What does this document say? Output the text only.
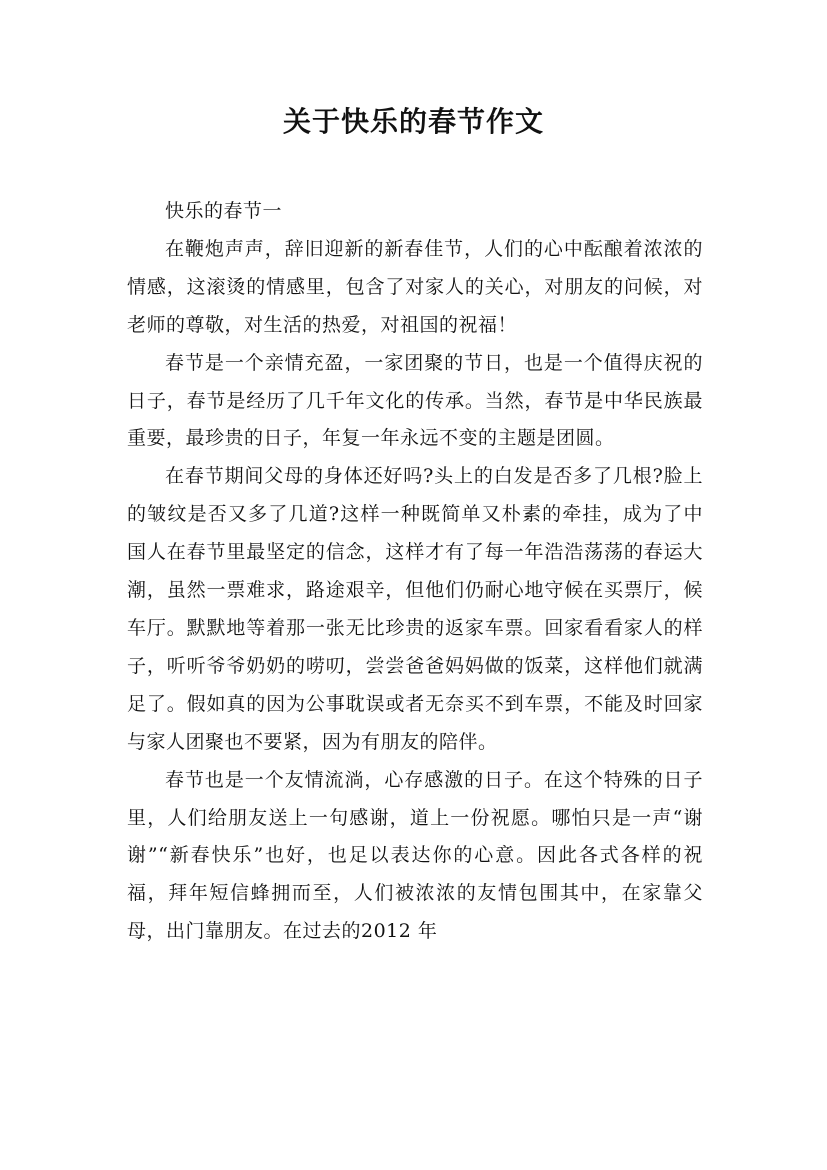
关于快乐的春节作文

快乐的春节一

在鞭炮声声，辞旧迎新的新春佳节，人们的心中酝酿着浓浓的情感，这滚烫的情感里，包含了对家人的关心，对朋友的问候，对老师的尊敬，对生活的热爱，对祖国的祝福！

春节是一个亲情充盈，一家团聚的节日，也是一个值得庆祝的日子，春节是经历了几千年文化的传承。当然，春节是中华民族最重要，最珍贵的日子，年复一年永远不变的主题是团圆。

在春节期间父母的身体还好吗?头上的白发是否多了几根?脸上的皱纹是否又多了几道?这样一种既简单又朴素的牵挂，成为了中国人在春节里最坚定的信念，这样才有了每一年浩浩荡荡的春运大潮，虽然一票难求，路途艰辛，但他们仍耐心地守候在买票厅，候车厅。默默地等着那一张无比珍贵的返家车票。回家看看家人的样子，听听爷爷奶奶的唠叨，尝尝爸爸妈妈做的饭菜，这样他们就满足了。假如真的因为公事耽误或者无奈买不到车票，不能及时回家与家人团聚也不要紧，因为有朋友的陪伴。

春节也是一个友情流淌，心存感激的日子。在这个特殊的日子里，人们给朋友送上一句感谢，道上一份祝愿。哪怕只是一声“谢谢”“新春快乐”也好，也足以表达你的心意。因此各式各样的祝福，拜年短信蜂拥而至，人们被浓浓的友情包围其中，在家靠父母，出门靠朋友。在过去的2012 年
